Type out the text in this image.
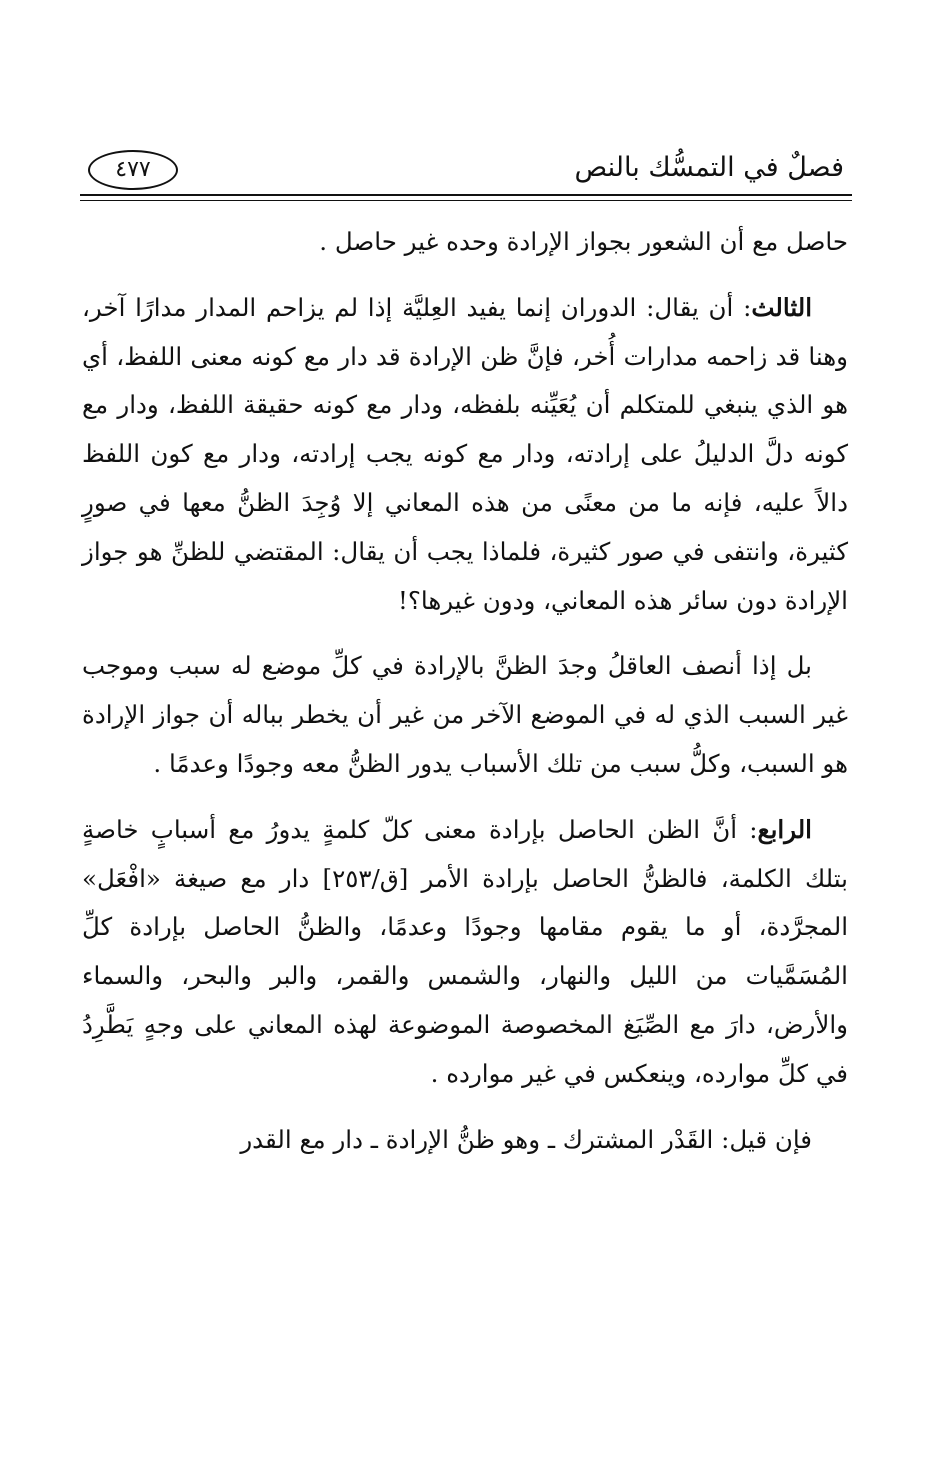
فصلٌ في التمسُّك بالنص
٤٧٧

حاصل مع أن الشعور بجواز الإرادة وحده غير حاصل .

الثالث: أن يقال: الدوران إنما يفيد العِليَّة إذا لم يزاحم المدار مدارًا آخر، وهنا قد زاحمه مدارات أُخر، فإنَّ ظن الإرادة قد دار مع كونه معنى اللفظ، أي هو الذي ينبغي للمتكلم أن يُعَيِّنه بلفظه، ودار مع كونه حقيقة اللفظ، ودار مع كونه دلَّ الدليلُ على إرادته، ودار مع كونه يجب إرادته، ودار مع كون اللفظ دالاً عليه، فإنه ما من معنًى من هذه المعاني إلا وُجِدَ الظنُّ معها في صورٍ كثيرة، وانتفى في صور كثيرة، فلماذا يجب أن يقال: المقتضي للظنِّ هو جواز الإرادة دون سائر هذه المعاني، ودون غيرها؟!

بل إذا أنصف العاقلُ وجدَ الظنَّ بالإرادة في كلِّ موضع له سبب وموجب غير السبب الذي له في الموضع الآخر من غير أن يخطر بباله أن جواز الإرادة هو السبب، وكلُّ سبب من تلك الأسباب يدور الظنُّ معه وجودًا وعدمًا .

الرابع: أنَّ الظن الحاصل بإرادة معنى كلّ كلمةٍ يدورُ مع أسبابٍ خاصةٍ بتلك الكلمة، فالظنُّ الحاصل بإرادة الأمر [ق/٢٥٣] دار مع صيغة «افْعَل» المجرَّدة، أو ما يقوم مقامها وجودًا وعدمًا، والظنُّ الحاصل بإرادة كلِّ المُسَمَّيات من الليل والنهار، والشمس والقمر، والبر والبحر، والسماء والأرض، دارَ مع الصِّيَغ المخصوصة الموضوعة لهذه المعاني على وجهٍ يَطَّرِدُ في كلِّ موارده، وينعكس في غير موارده .

فإن قيل: القَدْر المشترك ـ وهو ظنُّ الإرادة ـ دار مع القدر
